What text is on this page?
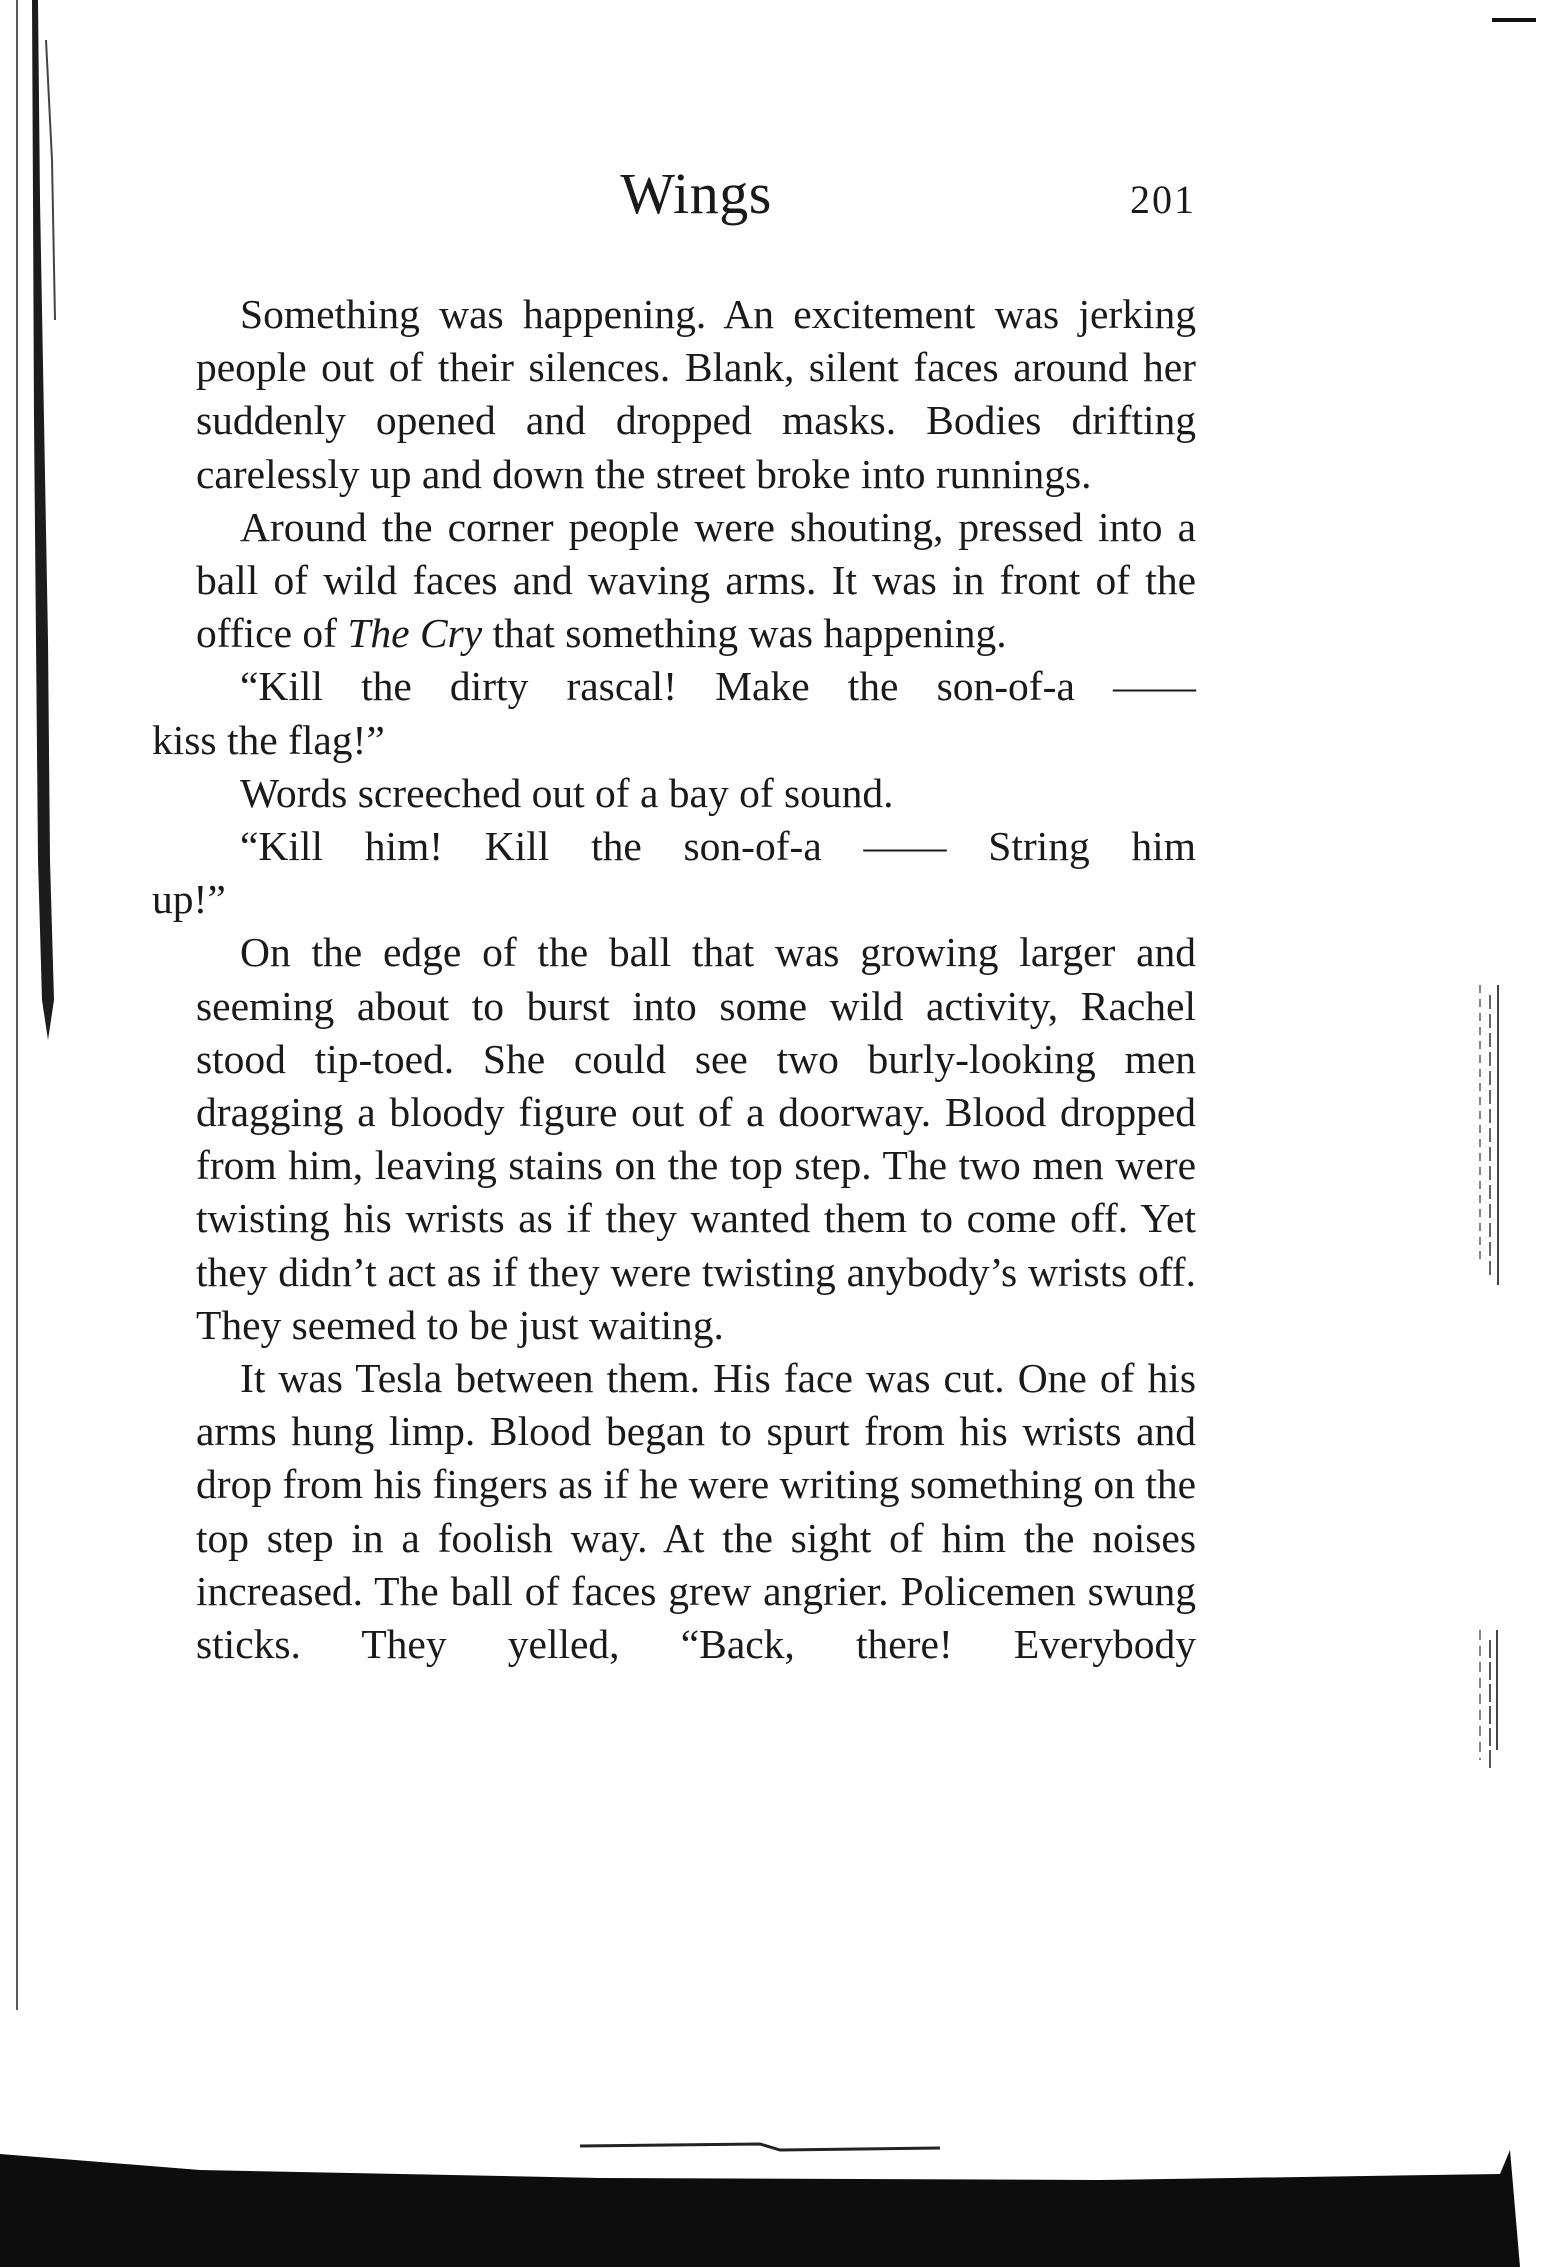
Wings	201

Something was happening. An excitement was jerking people out of their silences. Blank, silent faces around her suddenly opened and dropped masks. Bodies drifting carelessly up and down the street broke into runnings.

Around the corner people were shouting, pressed into a ball of wild faces and waving arms. It was in front of the office of The Cry that something was happening.

“Kill the dirty rascal! Make the son-of-a ——
kiss the flag!”

Words screeched out of a bay of sound.

“Kill him! Kill the son-of-a —— String him
up!”

On the edge of the ball that was growing larger and seeming about to burst into some wild activity, Rachel stood tip-toed. She could see two burly-looking men dragging a bloody figure out of a doorway. Blood dropped from him, leaving stains on the top step. The two men were twisting his wrists as if they wanted them to come off. Yet they didn’t act as if they were twisting anybody’s wrists off. They seemed to be just waiting.

It was Tesla between them. His face was cut. One of his arms hung limp. Blood began to spurt from his wrists and drop from his fingers as if he were writing something on the top step in a foolish way. At the sight of him the noises increased. The ball of faces grew angrier. Policemen swung sticks. They yelled, “Back, there! Everybody
